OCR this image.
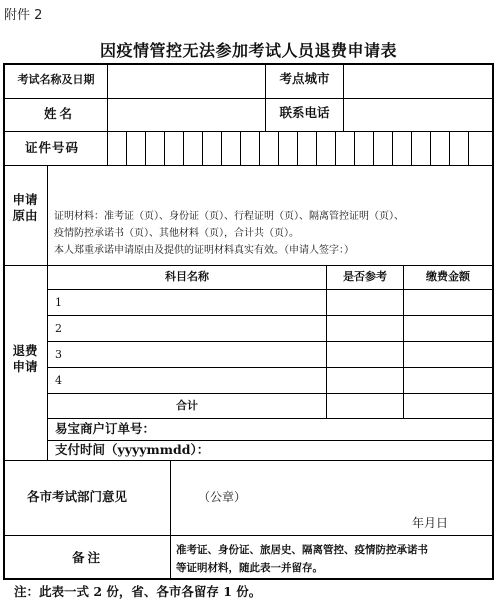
附件 2
因疫情管控无法参加考试人员退费申请表
考试名称及日期	考点城市
姓名	联系电话
证件号码
申请原由 证明材料：准考证（页）、身份证（页）、行程证明（页）、隔离管控证明（页）、
疫情防控承诺书（页）、其他材料（页），合计共（页）。
本人郑重承诺申请原由及提供的证明材料真实有效。（申请人签字：）
退费申请
科目名称	是否参考	缴费金额
1
2
3
4
合计
易宝商户订单号：
支付时间（yyyymmdd）：
各市考试部门意见	（公章）
年月日
备注	准考证、身份证、旅居史、隔离管控、疫情防控承诺书
等证明材料，随此表一并留存。
注：此表一式 2 份，省、各市各留存 1 份。
